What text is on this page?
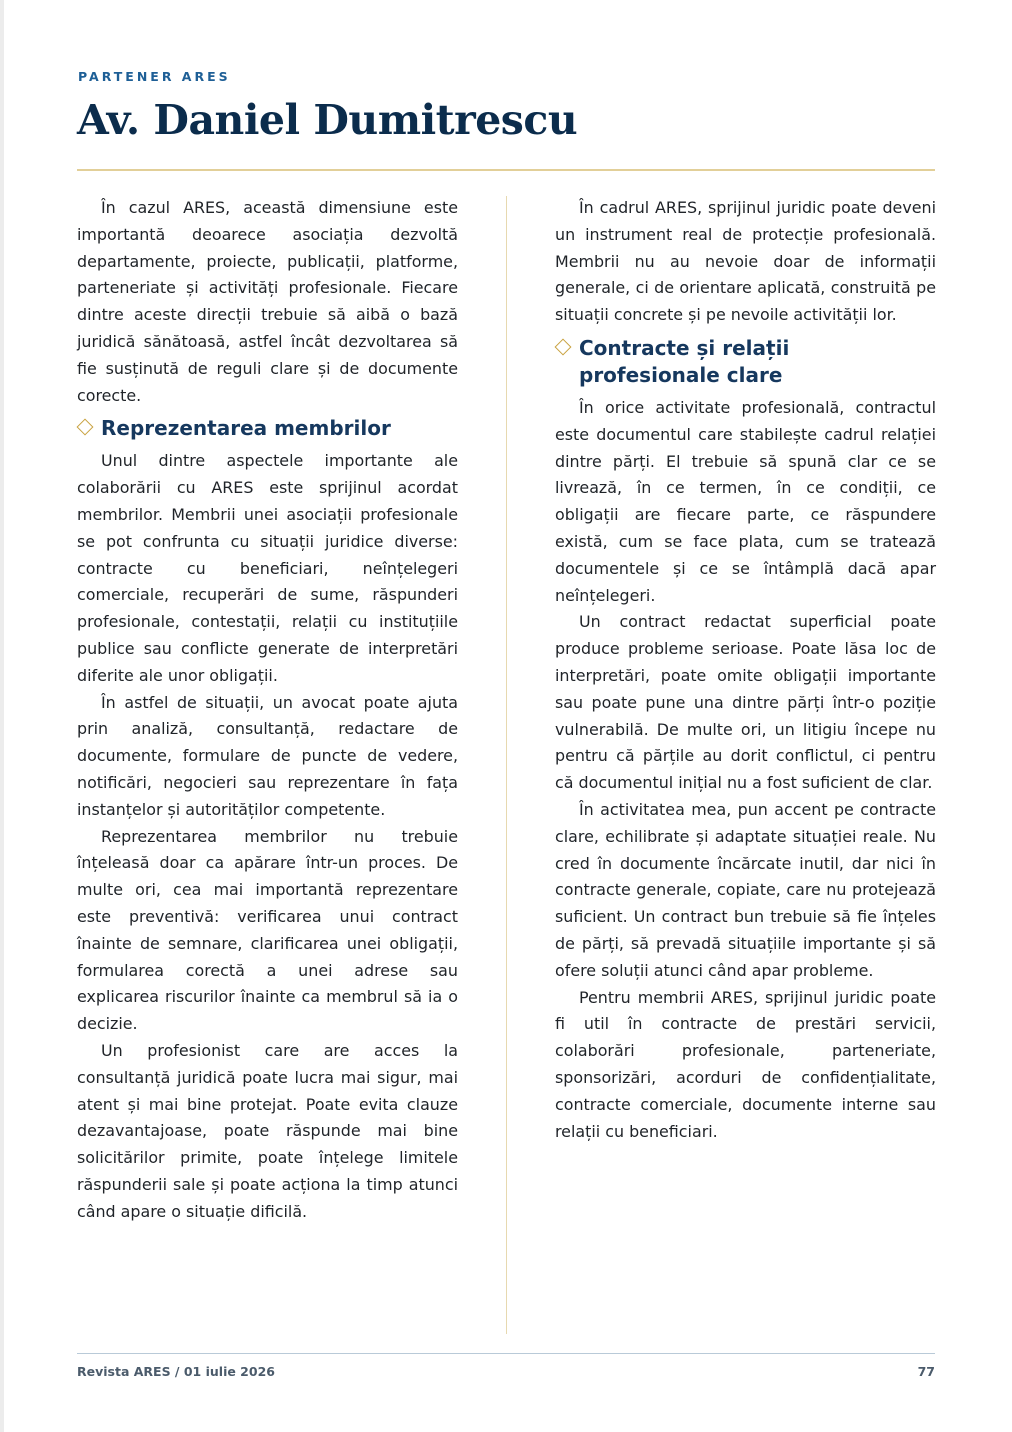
PARTENER ARES
Av. Daniel Dumitrescu

În cazul ARES, această dimensiune este importantă deoarece asociația dezvoltă departamente, proiecte, publicații, platforme, parteneriate și activități profesionale. Fiecare dintre aceste direcții trebuie să aibă o bază juridică sănătoasă, astfel încât dezvoltarea să fie susținută de reguli clare și de documente corecte.

Reprezentarea membrilor

Unul dintre aspectele importante ale colaborării cu ARES este sprijinul acordat membrilor. Membrii unei asociații profesionale se pot confrunta cu situații juridice diverse: contracte cu beneficiari, neînțelegeri comerciale, recuperări de sume, răspunderi profesionale, contestații, relații cu instituțiile publice sau conflicte generate de interpretări diferite ale unor obligații.

În astfel de situații, un avocat poate ajuta prin analiză, consultanță, redactare de documente, formulare de puncte de vedere, notificări, negocieri sau reprezentare în fața instanțelor și autorităților competente.

Reprezentarea membrilor nu trebuie înțeleasă doar ca apărare într-un proces. De multe ori, cea mai importantă reprezentare este preventivă: verificarea unui contract înainte de semnare, clarificarea unei obligații, formularea corectă a unei adrese sau explicarea riscurilor înainte ca membrul să ia o decizie.

Un profesionist care are acces la consultanță juridică poate lucra mai sigur, mai atent și mai bine protejat. Poate evita clauze dezavantajoase, poate răspunde mai bine solicitărilor primite, poate înțelege limitele răspunderii sale și poate acționa la timp atunci când apare o situație dificilă.

În cadrul ARES, sprijinul juridic poate deveni un instrument real de protecție profesională. Membrii nu au nevoie doar de informații generale, ci de orientare aplicată, construită pe situații concrete și pe nevoile activității lor.

Contracte și relații profesionale clare

În orice activitate profesională, contractul este documentul care stabilește cadrul relației dintre părți. El trebuie să spună clar ce se livrează, în ce termen, în ce condiții, ce obligații are fiecare parte, ce răspundere există, cum se face plata, cum se tratează documentele și ce se întâmplă dacă apar neînțelegeri.

Un contract redactat superficial poate produce probleme serioase. Poate lăsa loc de interpretări, poate omite obligații importante sau poate pune una dintre părți într-o poziție vulnerabilă. De multe ori, un litigiu începe nu pentru că părțile au dorit conflictul, ci pentru că documentul inițial nu a fost suficient de clar.

În activitatea mea, pun accent pe contracte clare, echilibrate și adaptate situației reale. Nu cred în documente încărcate inutil, dar nici în contracte generale, copiate, care nu protejează suficient. Un contract bun trebuie să fie înțeles de părți, să prevadă situațiile importante și să ofere soluții atunci când apar probleme.

Pentru membrii ARES, sprijinul juridic poate fi util în contracte de prestări servicii, colaborări profesionale, parteneriate, sponsorizări, acorduri de confidențialitate, contracte comerciale, documente interne sau relații cu beneficiari.

Revista ARES / 01 iulie 2026	77
